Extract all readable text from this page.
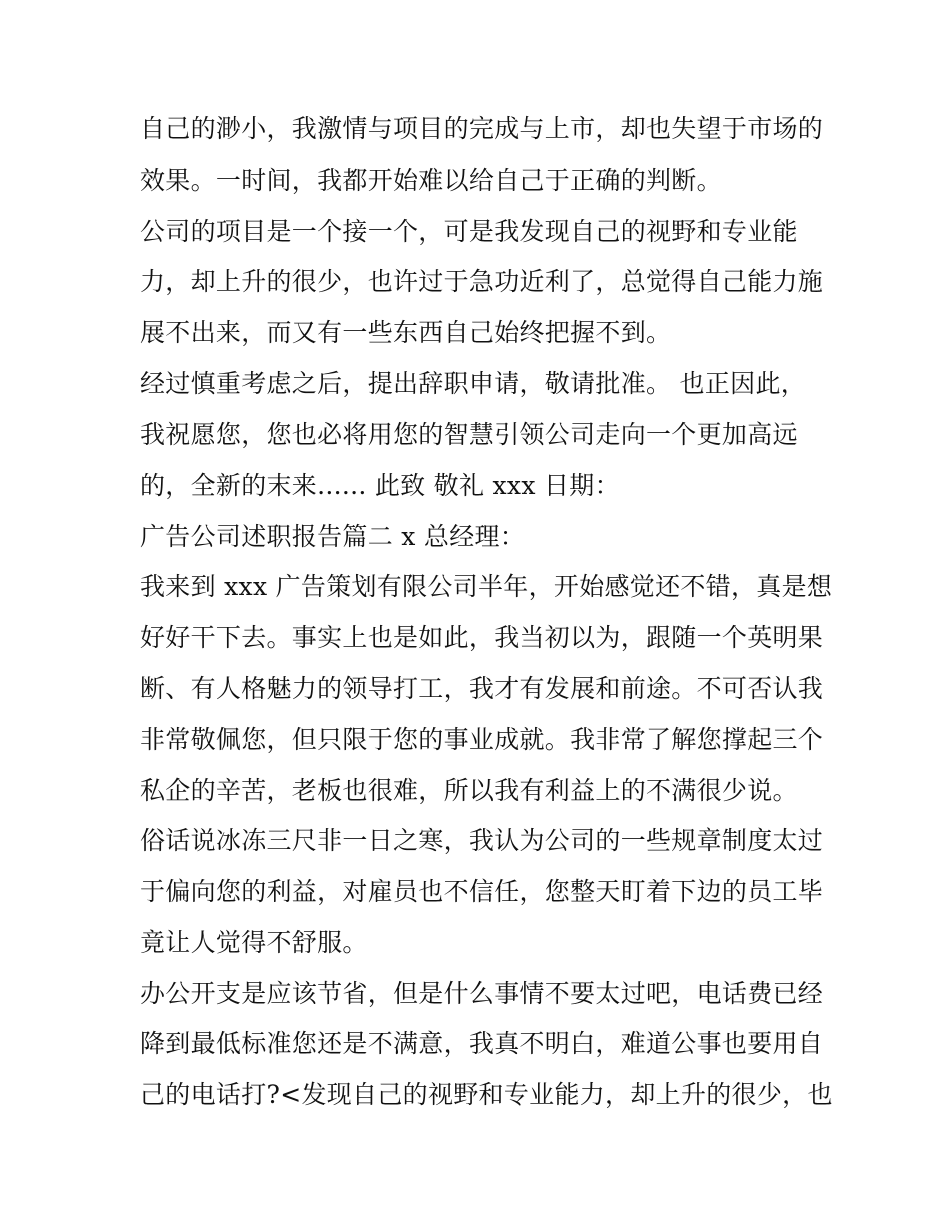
自己的渺小，我激情与项目的完成与上市，却也失望于市场的
效果。一时间，我都开始难以给自己于正确的判断。
公司的项目是一个接一个，可是我发现自己的视野和专业能
力，却上升的很少，也许过于急功近利了，总觉得自己能力施
展不出来，而又有一些东西自己始终把握不到。
经过慎重考虑之后，提出辞职申请，敬请批准。 也正因此，
我祝愿您，您也必将用您的智慧引领公司走向一个更加高远
的，全新的末来...... 此致 敬礼 xxx 日期：
广告公司述职报告篇二 x 总经理：
我来到 xxx 广告策划有限公司半年，开始感觉还不错，真是想
好好干下去。事实上也是如此，我当初以为，跟随一个英明果
断、有人格魅力的领导打工，我才有发展和前途。不可否认我
非常敬佩您，但只限于您的事业成就。我非常了解您撑起三个
私企的辛苦，老板也很难，所以我有利益上的不满很少说。
俗话说冰冻三尺非一日之寒，我认为公司的一些规章制度太过
于偏向您的利益，对雇员也不信任，您整天盯着下边的员工毕
竟让人觉得不舒服。
办公开支是应该节省，但是什么事情不要太过吧，电话费已经
降到最低标准您还是不满意，我真不明白，难道公事也要用自
己的电话打?<发现自己的视野和专业能力，却上升的很少，也
